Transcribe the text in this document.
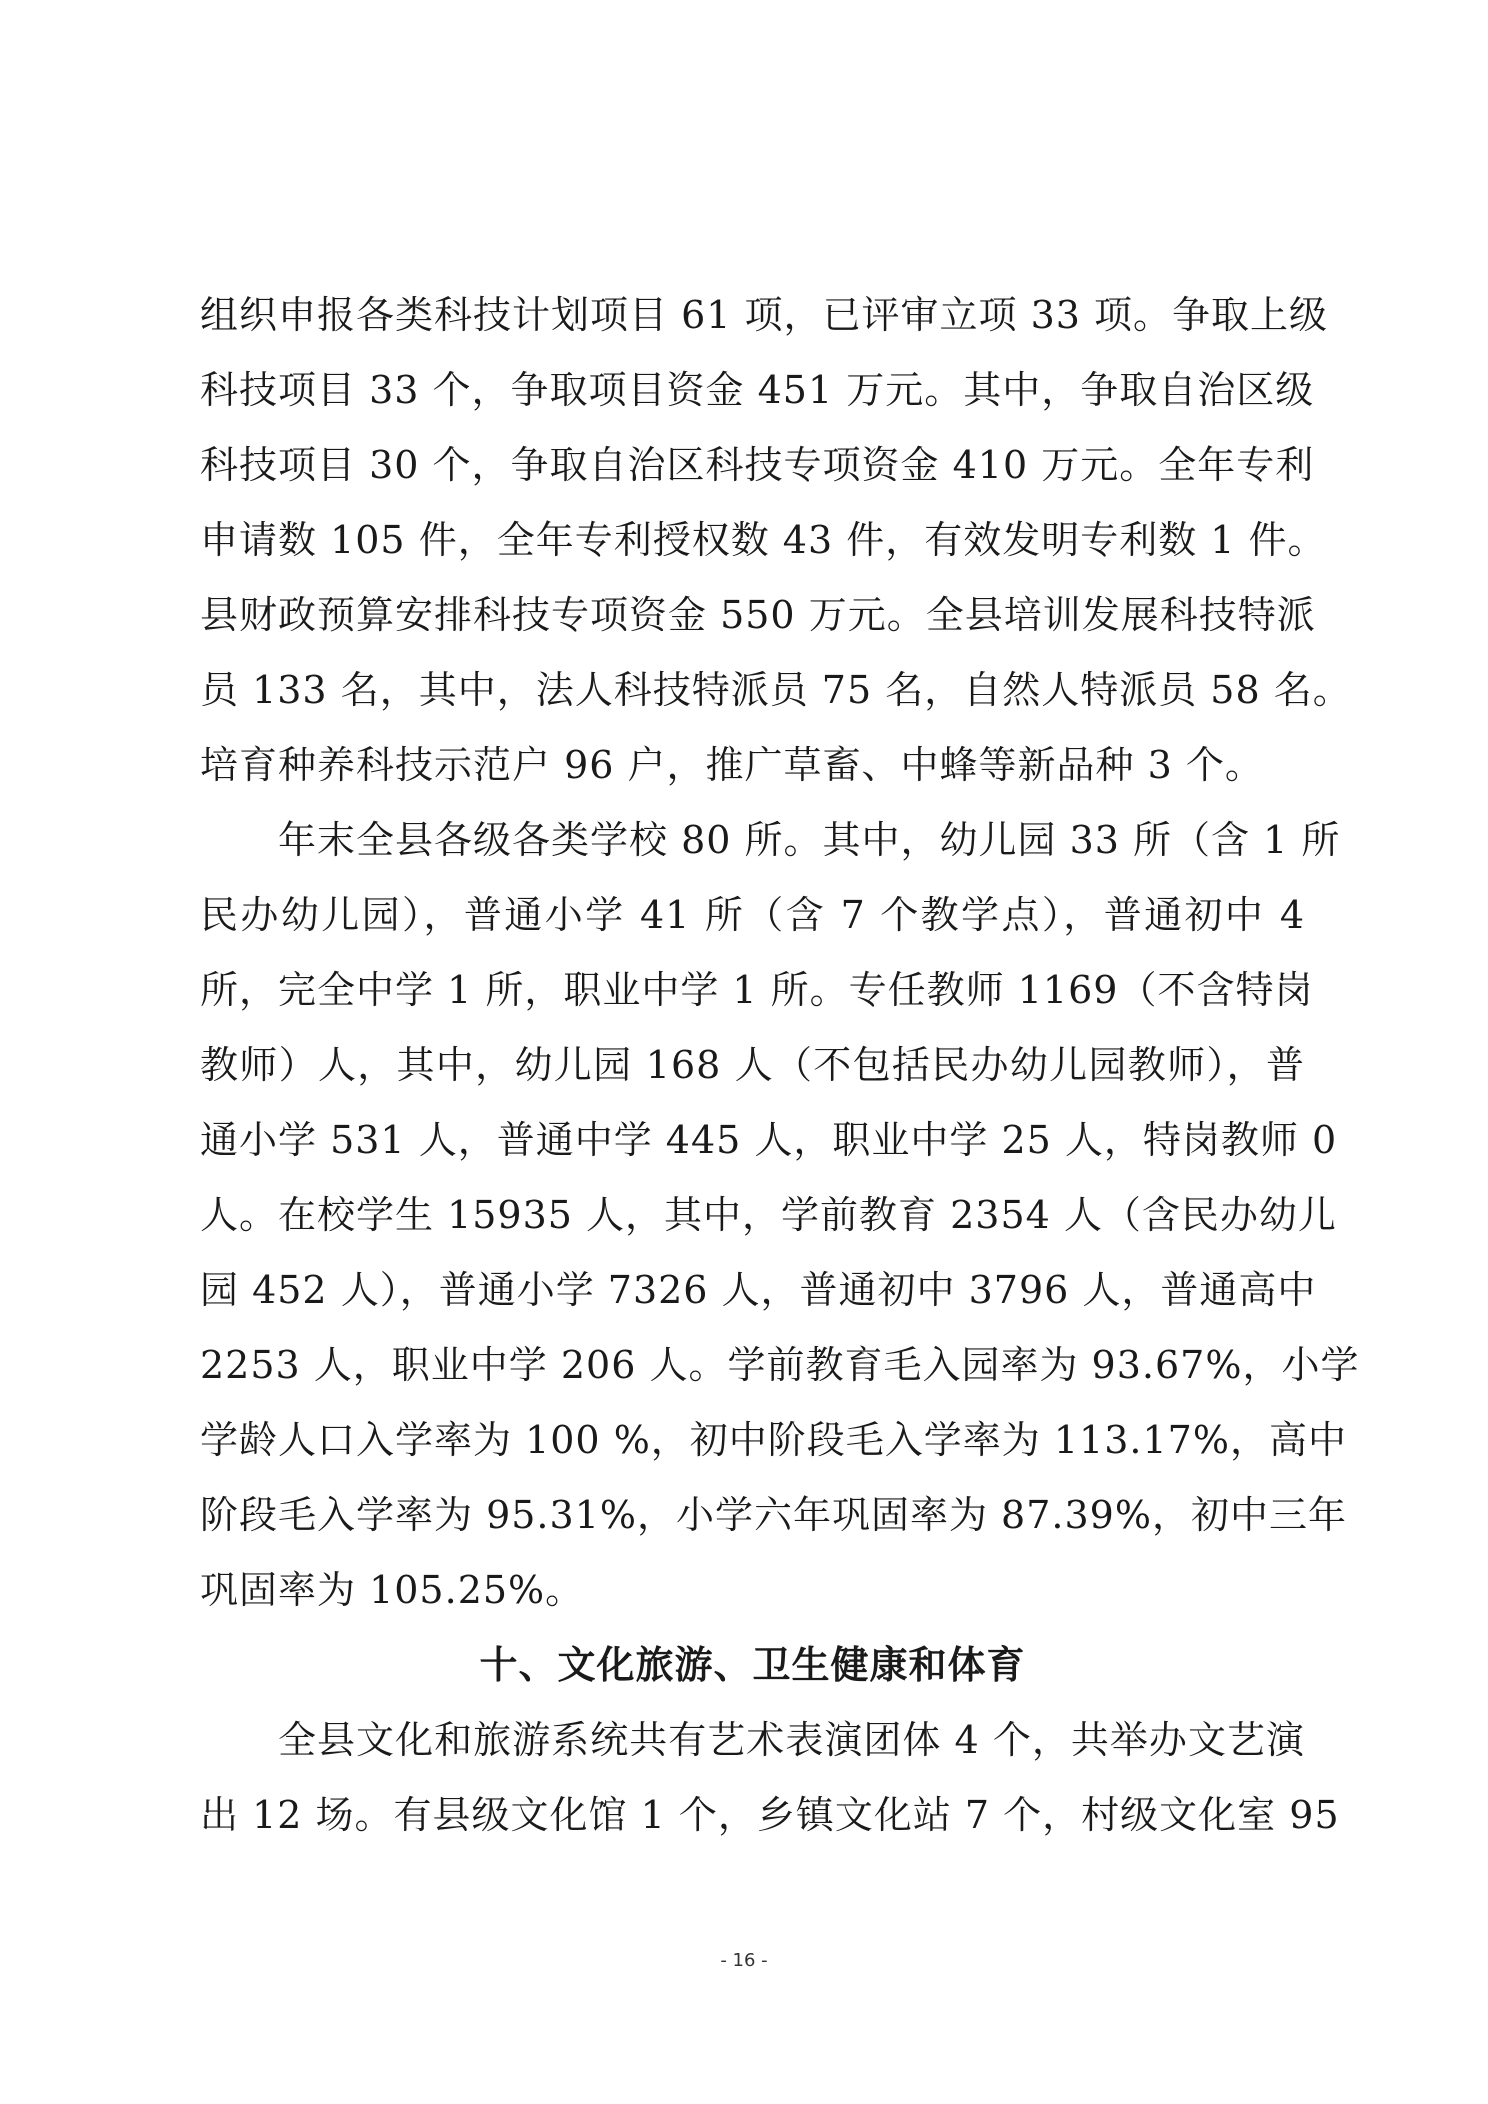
组织申报各类科技计划项目 61 项，已评审立项 33 项。争取上级
科技项目 33 个，争取项目资金 451 万元。其中，争取自治区级
科技项目 30 个，争取自治区科技专项资金 410 万元。全年专利
申请数 105 件，全年专利授权数 43 件，有效发明专利数 1 件。
县财政预算安排科技专项资金 550 万元。全县培训发展科技特派
员 133 名，其中，法人科技特派员 75 名，自然人特派员 58 名。
培育种养科技示范户 96 户，推广草畜、中蜂等新品种 3 个。
年末全县各级各类学校 80 所。其中，幼儿园 33 所（含 1 所
民办幼儿园），普通小学 41 所（含 7 个教学点），普通初中 4
所，完全中学 1 所，职业中学 1 所。专任教师 1169（不含特岗
教师）人，其中，幼儿园 168 人（不包括民办幼儿园教师），普
通小学 531 人，普通中学 445 人，职业中学 25 人，特岗教师 0
人。在校学生 15935 人，其中，学前教育 2354 人（含民办幼儿
园 452 人），普通小学 7326 人，普通初中 3796 人，普通高中
2253 人，职业中学 206 人。学前教育毛入园率为 93.67%，小学
学龄人口入学率为 100 %，初中阶段毛入学率为 113.17%，高中
阶段毛入学率为 95.31%，小学六年巩固率为 87.39%，初中三年
巩固率为 105.25%。
十、文化旅游、卫生健康和体育
全县文化和旅游系统共有艺术表演团体 4 个，共举办文艺演
出 12 场。有县级文化馆 1 个，乡镇文化站 7 个，村级文化室 95
- 16 -
